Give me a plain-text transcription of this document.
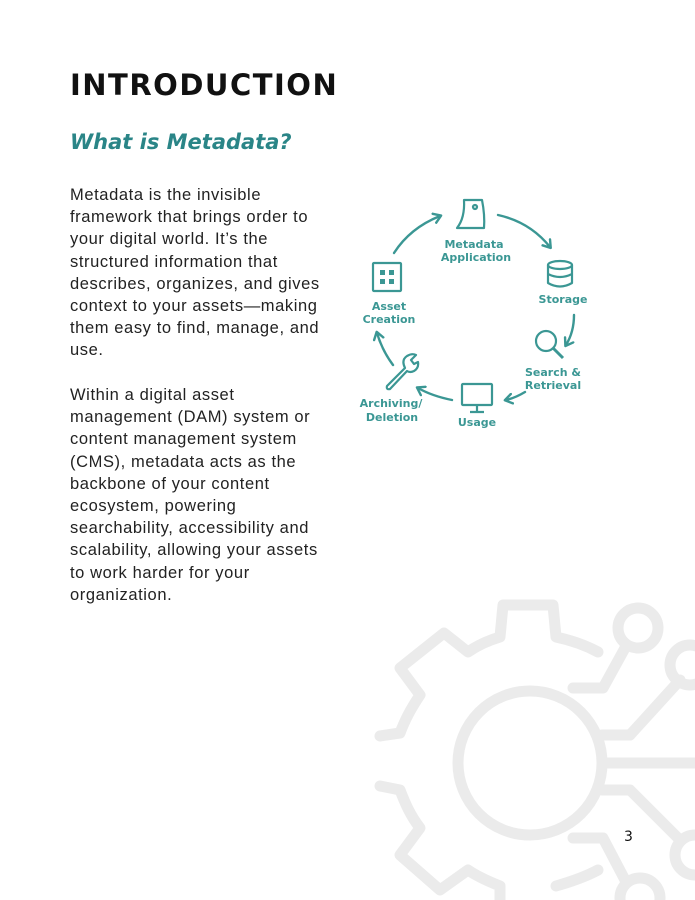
INTRODUCTION
What is Metadata?

Metadata is the invisible
framework that brings order to
your digital world. It’s the
structured information that
describes, organizes, and gives
context to your assets—making
them easy to find, manage, and
use.

Within a digital asset
management (DAM) system or
content management system
(CMS), metadata acts as the
backbone of your content
ecosystem, powering
searchability, accessibility and
scalability, allowing your assets
to work harder for your
organization.

Metadata
Application
Storage
Search &
Retrieval
Usage
Archiving/
Deletion
Asset
Creation
3
